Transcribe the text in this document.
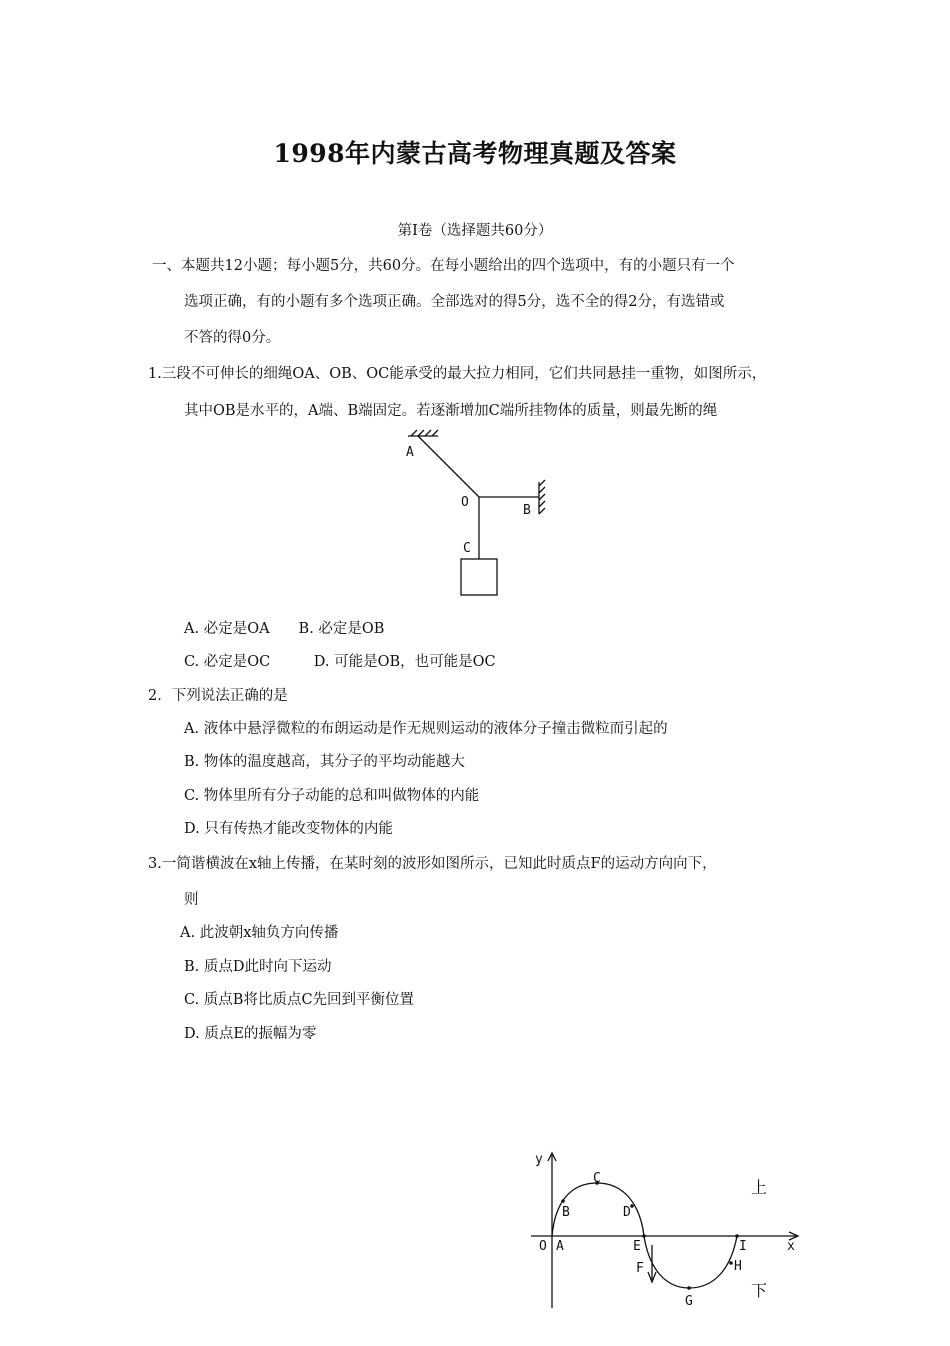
1998年内蒙古高考物理真题及答案
第Ⅰ卷（选择题共60分）
一、本题共12小题；每小题5分，共60分。在每小题给出的四个选项中，有的小题只有一个
选项正确，有的小题有多个选项正确。全部选对的得5分，选不全的得2分，有选错或
不答的得0分。
1.三段不可伸长的细绳OA、OB、OC能承受的最大拉力相同，它们共同悬挂一重物，如图所示，
其中OB是水平的，A端、B端固定。若逐渐增加C端所挂物体的质量，则最先断的绳
A
O
B
C
A. 必定是OA　　B. 必定是OB
C. 必定是OC　　　D. 可能是OB，也可能是OC
2．下列说法正确的是
A. 液体中悬浮微粒的布朗运动是作无规则运动的液体分子撞击微粒而引起的
B. 物体的温度越高，其分子的平均动能越大
C. 物体里所有分子动能的总和叫做物体的内能
D. 只有传热才能改变物体的内能
3.一简谐横波在x轴上传播，在某时刻的波形如图所示，已知此时质点F的运动方向向下，
则
A. 此波朝x轴负方向传播
B. 质点D此时向下运动
C. 质点B将比质点C先回到平衡位置
D. 质点E的振幅为零
y
x
O A
B
C
D
E
F
G
H
I
上
下
